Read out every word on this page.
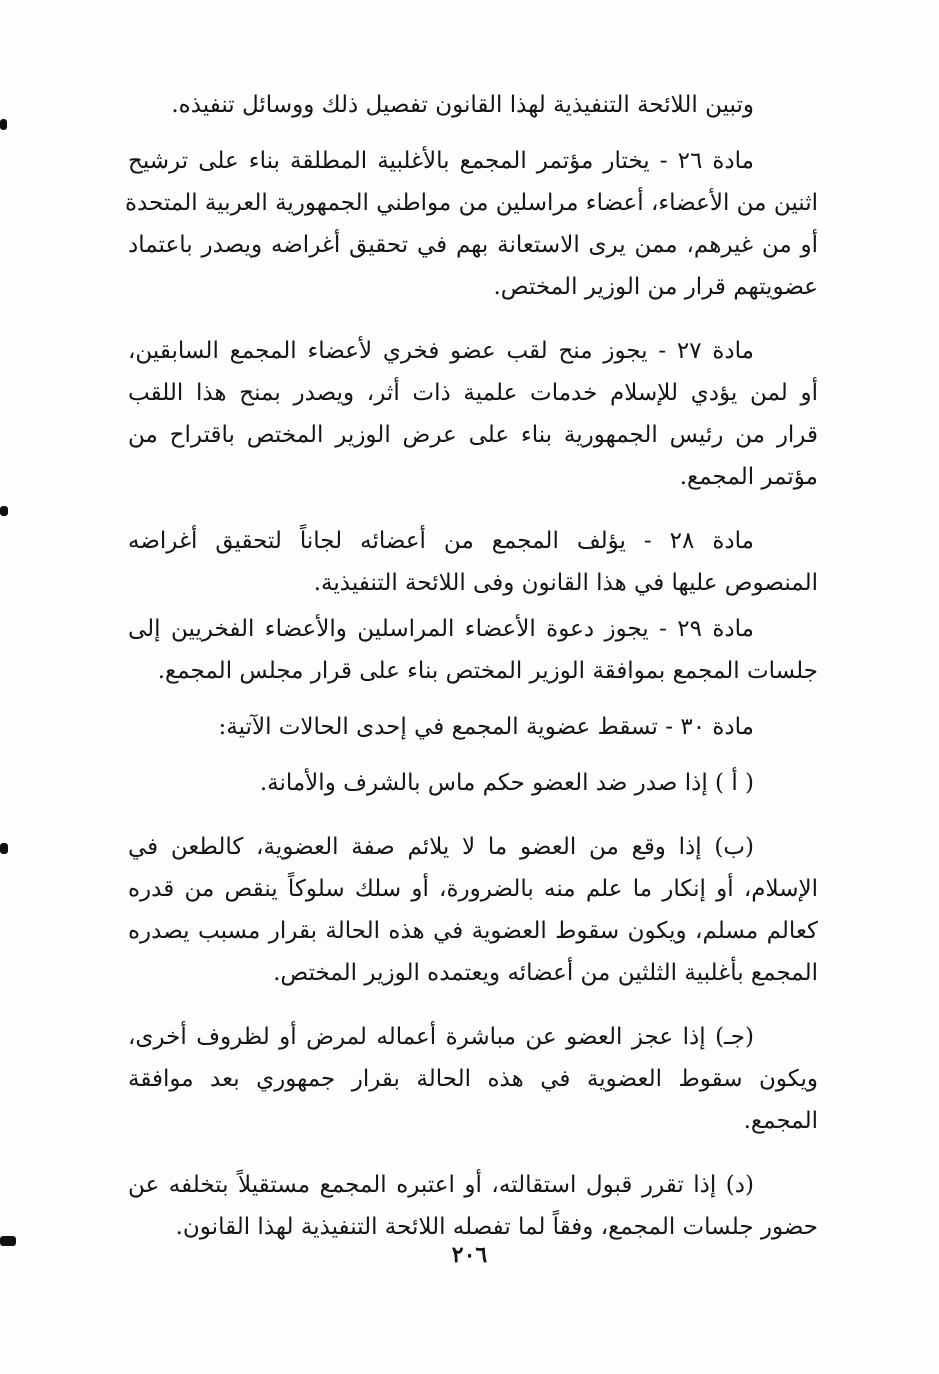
وتبين اللائحة التنفيذية لهذا القانون تفصيل ذلك ووسائل تنفيذه.

مادة ٢٦ - يختار مؤتمر المجمع بالأغلبية المطلقة بناء على ترشيح
اثنين من الأعضاء، أعضاء مراسلين من مواطني الجمهورية العربية المتحدة
أو من غيرهم، ممن يرى الاستعانة بهم في تحقيق أغراضه ويصدر باعتماد
عضويتهم قرار من الوزير المختص.

مادة ٢٧ - يجوز منح لقب عضو فخري لأعضاء المجمع السابقين،
أو لمن يؤدي للإسلام خدمات علمية ذات أثر، ويصدر بمنح هذا اللقب
قرار من رئيس الجمهورية بناء على عرض الوزير المختص باقتراح من
مؤتمر المجمع.

مادة ٢٨ - يؤلف المجمع من أعضائه لجاناً لتحقيق أغراضه
المنصوص عليها في هذا القانون وفى اللائحة التنفيذية.

مادة ٢٩ - يجوز دعوة الأعضاء المراسلين والأعضاء الفخريين إلى
جلسات المجمع بموافقة الوزير المختص بناء على قرار مجلس المجمع.

مادة ٣٠ - تسقط عضوية المجمع في إحدى الحالات الآتية:

( أ ) إذا صدر ضد العضو حكم ماس بالشرف والأمانة.

(ب) إذا وقع من العضو ما لا يلائم صفة العضوية، كالطعن في
الإسلام، أو إنكار ما علم منه بالضرورة، أو سلك سلوكاً ينقص من قدره
كعالم مسلم، ويكون سقوط العضوية في هذه الحالة بقرار مسبب يصدره
المجمع بأغلبية الثلثين من أعضائه ويعتمده الوزير المختص.

(جـ) إذا عجز العضو عن مباشرة أعماله لمرض أو لظروف أخرى،
ويكون سقوط العضوية في هذه الحالة بقرار جمهوري بعد موافقة
المجمع.

(د) إذا تقرر قبول استقالته، أو اعتبره المجمع مستقيلاً بتخلفه عن
حضور جلسات المجمع، وفقاً لما تفصله اللائحة التنفيذية لهذا القانون.

٢٠٦
